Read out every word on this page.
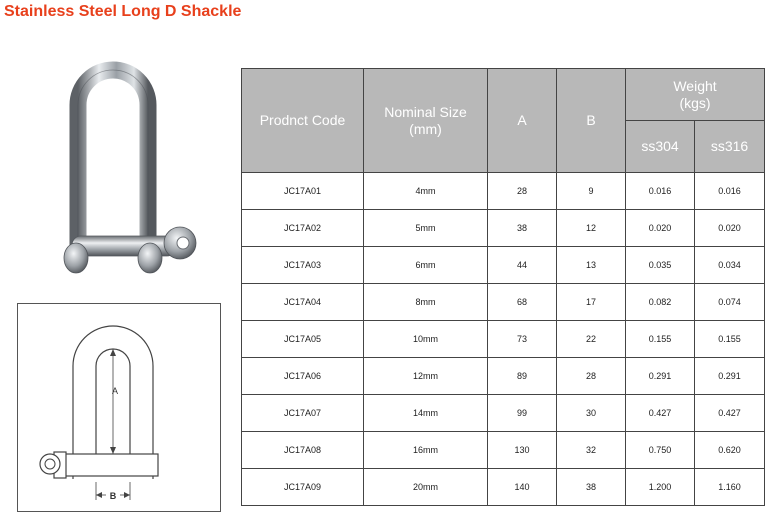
Stainless Steel Long D Shackle
A
B
Prodnct Code	Nominal Size
(mm)	A	B	Weight
(kgs)	
				ss304	ss316
JC17A01	4mm	28	9	0.016	0.016
JC17A02	5mm	38	12	0.020	0.020
JC17A03	6mm	44	13	0.035	0.034
JC17A04	8mm	68	17	0.082	0.074
JC17A05	10mm	73	22	0.155	0.155
JC17A06	12mm	89	28	0.291	0.291
JC17A07	14mm	99	30	0.427	0.427
JC17A08	16mm	130	32	0.750	0.620
JC17A09	20mm	140	38	1.200	1.160
